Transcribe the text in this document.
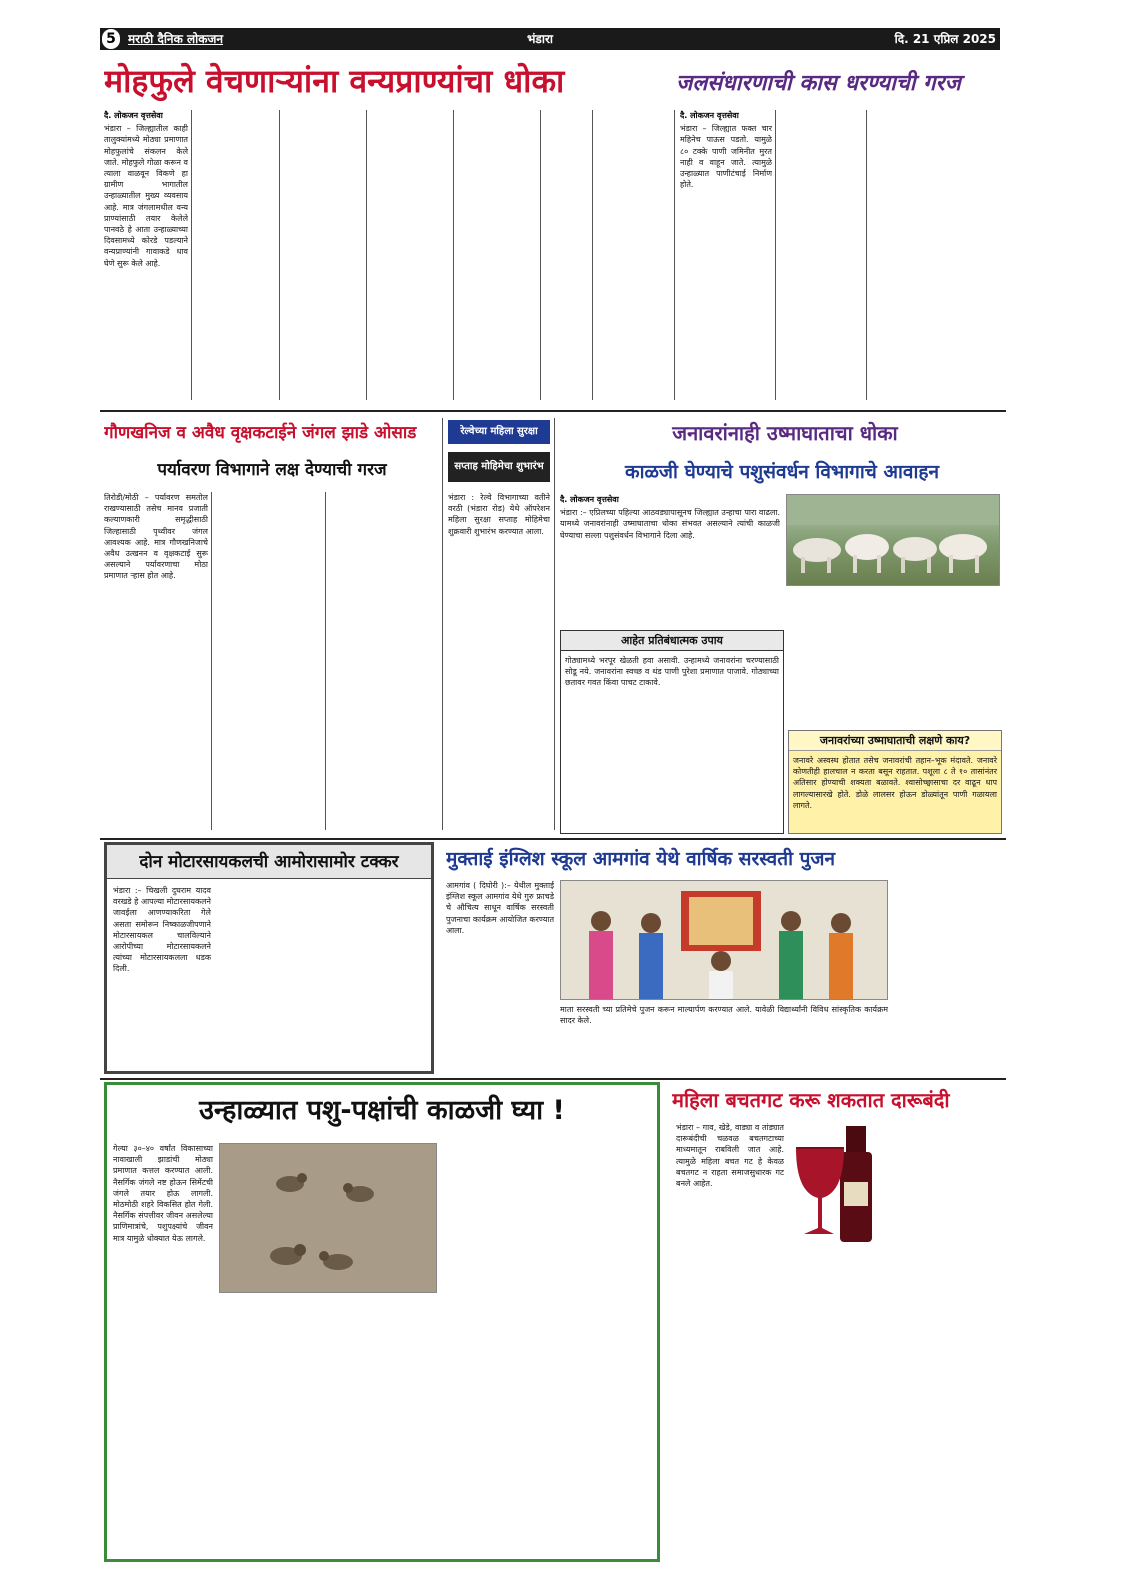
5	मराठी दैनिक लोकजन	भंडारा	दि. 21 एप्रिल 2025
मोहफुले वेचणाऱ्यांना वन्यप्राण्यांचा धोका
दै. लोकजन वृत्तसेवा

भंडारा – जिल्ह्यातील काही तालुक्यांमध्ये मोठ्या प्रमाणात मोहफुलांचे संकलन केले जाते. मोहफुले गोळा करून व त्याला वाळवून विकणे हा ग्रामीण भागातील उन्हाळ्यातील मुख्य व्यवसाय आहे. मात्र जंगलामधील वन्य प्राण्यांसाठी तयार केलेले पानवठे हे आता उन्हाळ्याच्या दिवसामध्ये कोरडे पडल्याने वन्यप्राण्यांनी गावाकडे धाव घेणे सुरू केले आहे.

जलसंधारणाची कास धरण्याची गरज
दै. लोकजन वृत्तसेवा

भंडारा – जिल्ह्यात फक्त चार महिनेच पाऊस पडतो. यामुळे ८० टक्के पाणी जमिनीत मुरत नाही व वाहून जाते. त्यामुळे उन्हाळ्यात पाणीटंचाई निर्माण होते.

गौणखनिज व अवैध वृक्षकटाईने जंगल झाडे ओसाड
पर्यावरण विभागाने लक्ष देण्याची गरज

तिरोडी/मोठी – पर्यावरण समतोल राखण्यासाठी तसेच मानव प्रजाती कल्याणकारी समृद्धीसाठी जिल्हासाठी पृथ्वीवर जंगल आवश्यक आहे. मात्र गौणखनिजाचे अवैध उत्खनन व वृक्षकटाई सुरू असल्याने पर्यावरणाचा मोठा प्रमाणात ऱ्हास होत आहे.

रेल्वेच्या महिला सुरक्षा
सप्ताह मोहिमेचा शुभारंभ

भंडारा : रेल्वे विभागाच्या वतीने वरठी (भंडारा रोड) येथे ऑपरेशन महिला सुरक्षा सप्ताह मोहिमेचा शुक्रवारी शुभारंभ करण्यात आला.

जनावरांनाही उष्माघाताचा धोका
काळजी घेण्याचे पशुसंवर्धन विभागाचे आवाहन
दै. लोकजन वृत्तसेवा

भंडारा :– एप्रिलच्या पहिल्या आठवड्यापासूनच जिल्ह्यात उन्हाचा पारा वाढला. यामध्ये जनावरांनाही उष्माघाताचा धोका संभवत असल्याने त्यांची काळजी घेण्याचा सल्ला पशुसंवर्धन विभागाने दिला आहे.

आहेत प्रतिबंधात्मक उपाय
गोठ्यामध्ये भरपूर खेळती हवा असावी. उन्हामध्ये जनावरांना चरण्यासाठी सोडू नये. जनावरांना स्वच्छ व थंड पाणी पुरेशा प्रमाणात पाजावे. गोठ्याच्या छतावर गवत किंवा पाचट टाकावे.
जनावरांच्या उष्माघाताची लक्षणे काय?
जनावरे अस्वस्थ होतात तसेच जनावरांची तहान–भूक मंदावते. जनावरे कोणतीही हालचाल न करता बसून राहतात. पशूला ८ ते १० तासांनंतर अतिसार होण्याची शक्यता बळावते. श्वासोच्छ्वासाचा दर वाढून धाप लागल्यासारखे होते. डोळे लालसर होऊन डोळ्यांतून पाणी गळायला लागते.
दोन मोटारसायकलची आमोरासामोर टक्कर

भंडारा :– चिखली दुघराम यादव वरखडे हे आपल्या मोटारसायकलने जावईला आणण्याकरिता गेले असता समोरून निष्काळजीपणाने मोटारसायकल चालविल्याने आरोपीच्या मोटारसायकलने त्यांच्या मोटारसायकलला धडक दिली.

मुक्ताई इंग्लिश स्कूल आमगांव येथे वार्षिक सरस्वती पुजन

आमगांव ( दिघोरी ):– येथील मुक्ताई इंग्लिश स्कूल आमगांव येथे गुरु फ्राचडे चे औचित्य साधून वार्षिक सरस्वती पुजनाचा कार्यक्रम आयोजित करण्यात आला.

माता सरस्वती च्या प्रतिमेचे पुजन करून माल्यार्पण करण्यात आले. यावेळी विद्यार्थ्यांनी विविध सांस्कृतिक कार्यक्रम सादर केले.
उन्हाळ्यात पशु-पक्षांची काळजी घ्या !

गेल्या ३०–४० वर्षांत विकासाच्या नावाखाली झाडांची मोठ्या प्रमाणात कत्तल करण्यात आली. नैसर्गिक जंगले नष्ट होऊन सिमेंटची जंगले तयार होऊ लागली. मोठमोठी शहरे विकसित होत गेली. नैसर्गिक संपत्तीवर जीवन असलेल्या प्राणिमात्रांचे, पशुपक्ष्यांचे जीवन मात्र यामुळे धोक्यात येऊ लागले.

महिला बचतगट करू शकतात दारूबंदी

भंडारा – गाव, खेडे, वाड्या व तांड्यात दारूबंदीची चळवळ बचतगटाच्या माध्यमातून राबविली जात आहे. त्यामुळे महिला बचत गट हे केवळ बचतगट न राहता समाजसुधारक गट बनले आहेत.
